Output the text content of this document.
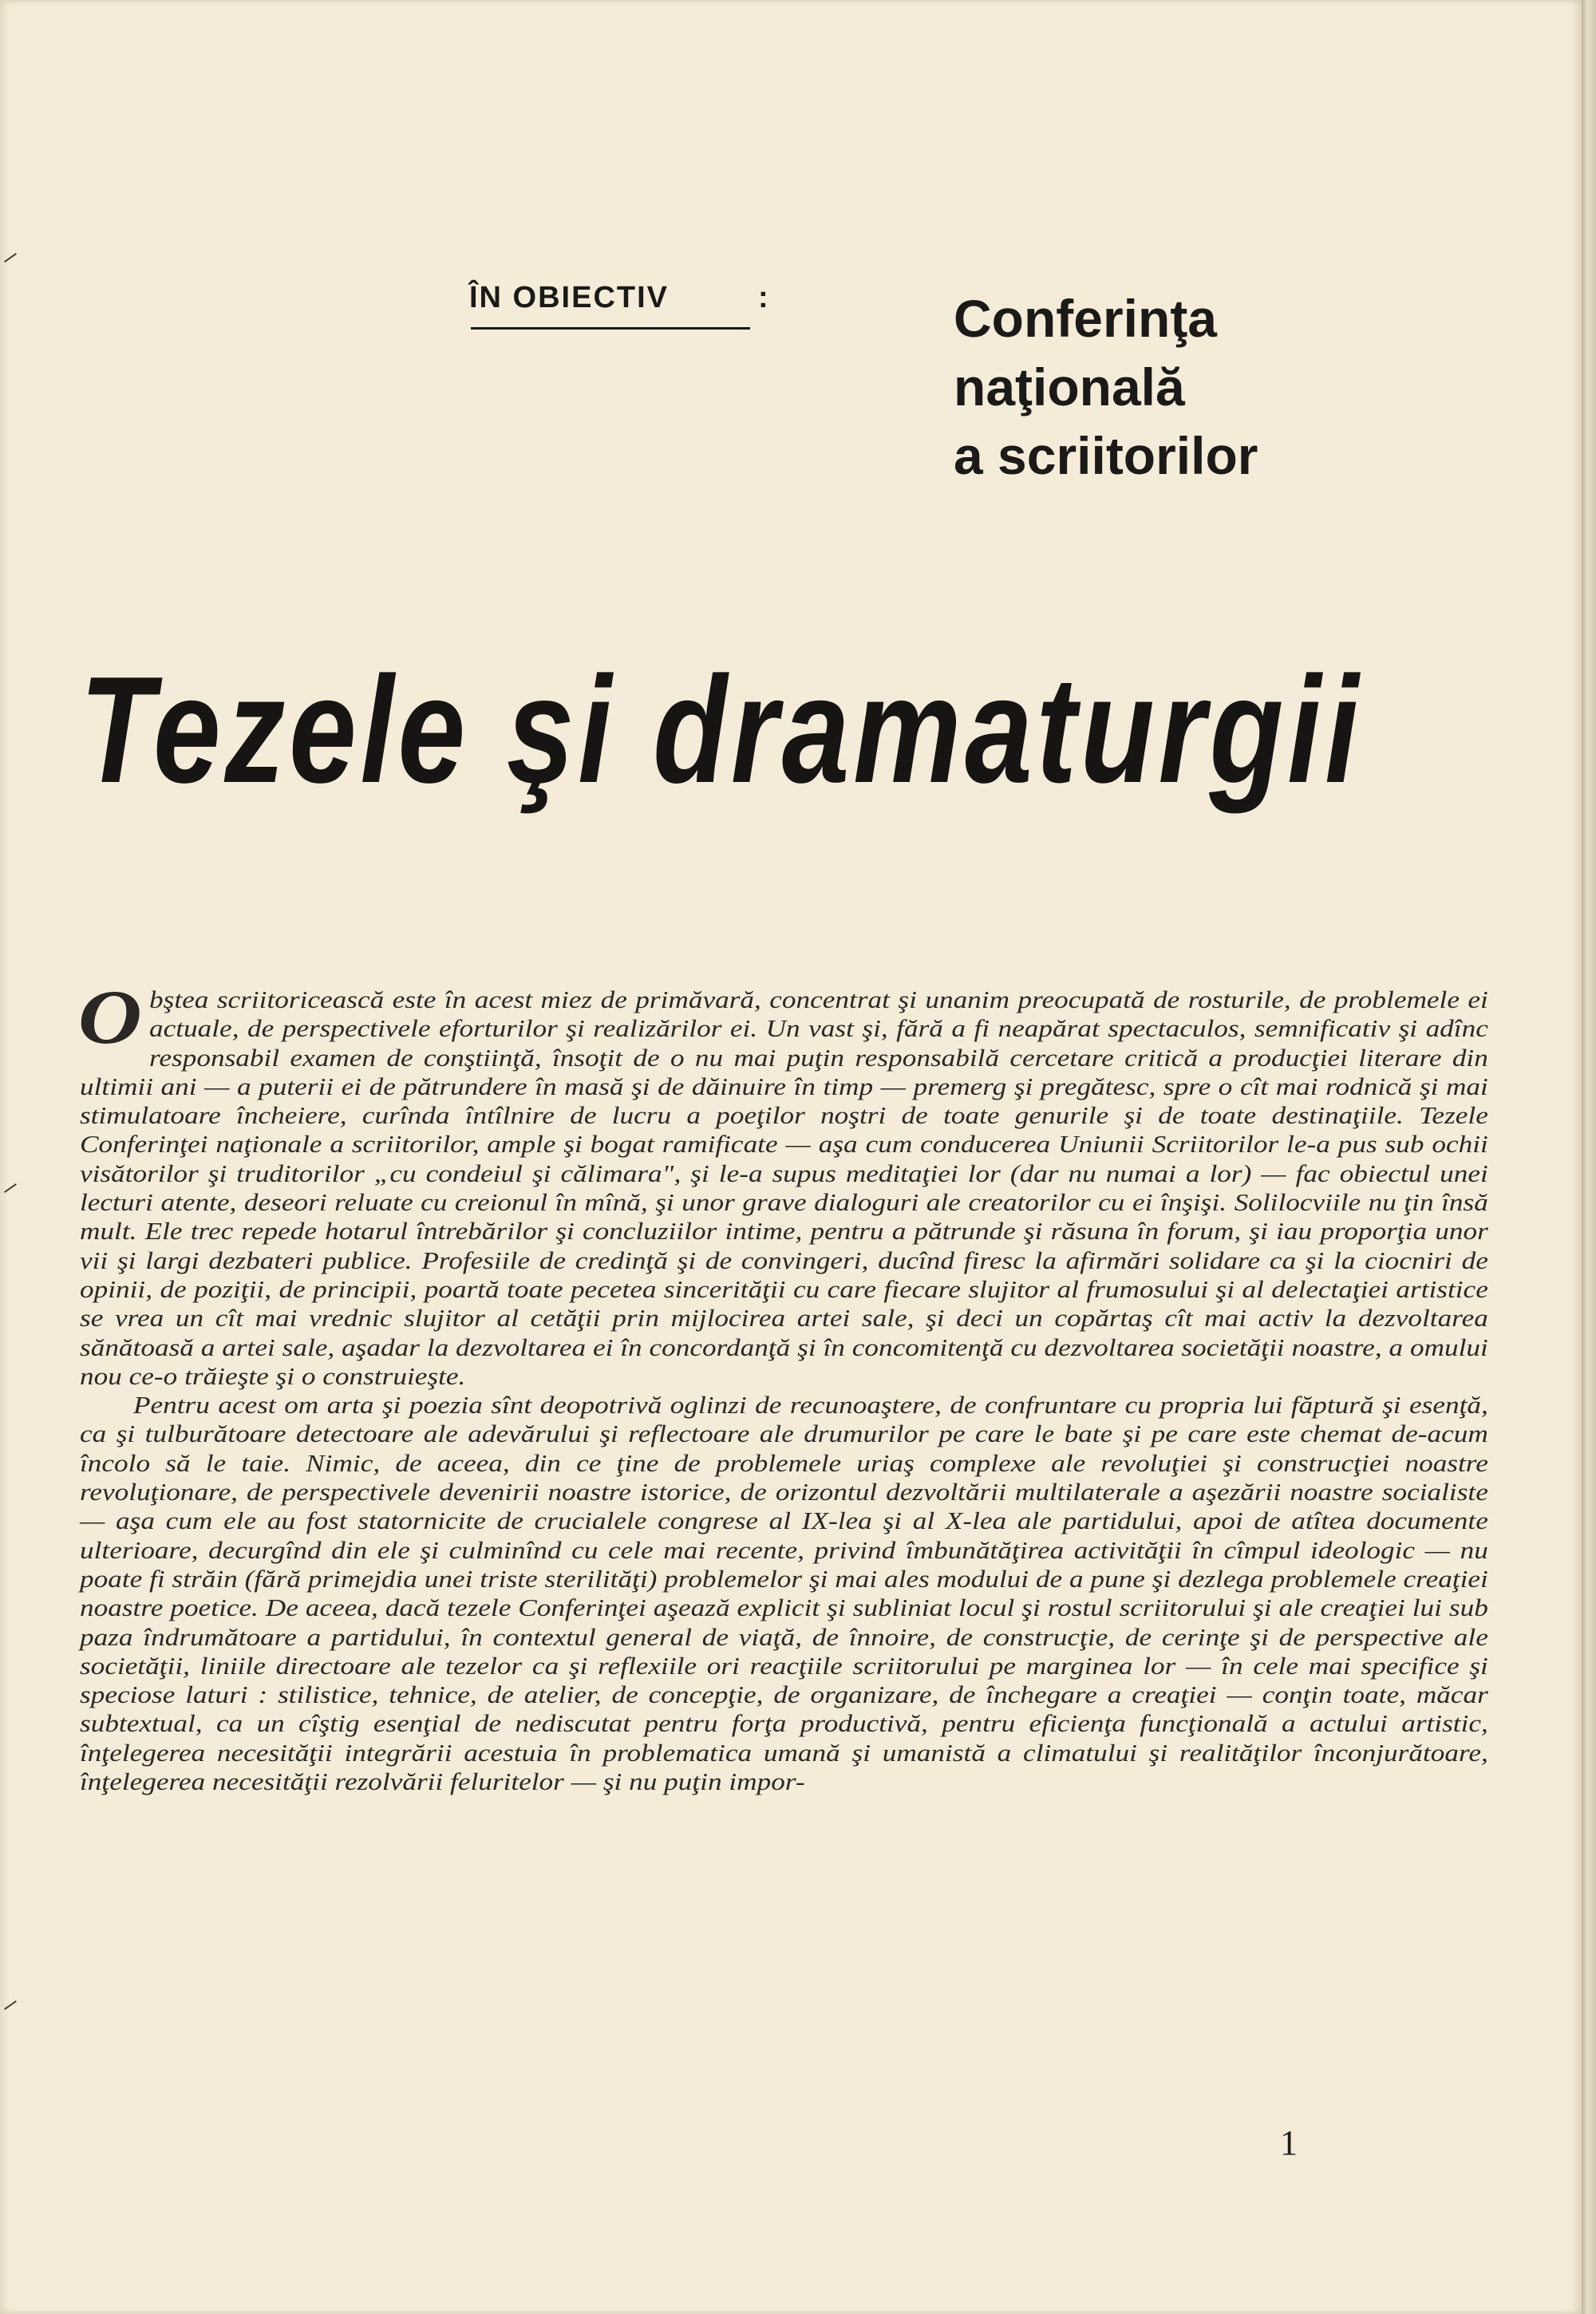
ÎN OBIECTIV	:	Conferinţa
naţională
a scriitorilor
Tezele şi dramaturgii

Obştea scriitoricească este în acest miez de primăvară, concentrat şi unanim preocupată de rosturile, de problemele ei actuale, de perspectivele eforturilor şi realizărilor ei. Un vast şi, fără a fi neapărat spectaculos, semnificativ şi adînc responsabil examen de conştiinţă, însoţit de o nu mai puţin responsabilă cercetare critică a producţiei literare din ultimii ani — a puterii ei de pătrundere în masă şi de dăinuire în timp — premerg şi pregătesc, spre o cît mai rodnică şi mai stimulatoare încheiere, curînda întîlnire de lucru a poeţilor noştri de toate genurile şi de toate destinaţiile. Tezele Conferinţei naţionale a scriitorilor, ample şi bogat ramificate — aşa cum conducerea Uniunii Scriitorilor le-a pus sub ochii visătorilor şi truditorilor „cu condeiul şi călimara", şi le-a supus meditaţiei lor (dar nu numai a lor) — fac obiectul unei lecturi atente, deseori reluate cu creionul în mînă, şi unor grave dialoguri ale creatorilor cu ei înşişi. Solilocviile nu ţin însă mult. Ele trec repede hotarul întrebărilor şi concluziilor intime, pentru a pătrunde şi răsuna în forum, şi iau proporţia unor vii şi largi dezbateri publice. Profesiile de credinţă şi de convingeri, ducînd firesc la afirmări solidare ca şi la ciocniri de opinii, de poziţii, de principii, poartă toate pecetea sincerităţii cu care fiecare slujitor al frumosului şi al delectaţiei artistice se vrea un cît mai vrednic slujitor al cetăţii prin mijlocirea artei sale, şi deci un copărtaş cît mai activ la dezvoltarea sănătoasă a artei sale, aşadar la dezvoltarea ei în concordanţă şi în concomitenţă cu dezvoltarea societăţii noastre, a omului nou ce-o trăieşte şi o construieşte.

Pentru acest om arta şi poezia sînt deopotrivă oglinzi de recunoaştere, de confruntare cu propria lui făptură şi esenţă, ca şi tulburătoare detectoare ale adevărului şi reflectoare ale drumurilor pe care le bate şi pe care este chemat de-acum încolo să le taie. Nimic, de aceea, din ce ţine de problemele uriaş complexe ale revoluţiei şi construcţiei noastre revoluţionare, de perspectivele devenirii noastre istorice, de orizontul dezvoltării multilaterale a aşezării noastre socialiste — aşa cum ele au fost statornicite de crucialele congrese al IX-lea şi al X-lea ale partidului, apoi de atîtea documente ulterioare, decurgînd din ele şi culminînd cu cele mai recente, privind îmbunătăţirea activităţii în cîmpul ideologic — nu poate fi străin (fără primejdia unei triste sterilităţi) problemelor şi mai ales modului de a pune şi dezlega problemele creaţiei noastre poetice. De aceea, dacă tezele Conferinţei aşează explicit şi subliniat locul şi rostul scriitorului şi ale creaţiei lui sub paza îndrumătoare a partidului, în contextul general de viaţă, de înnoire, de construcţie, de cerinţe şi de perspective ale societăţii, liniile directoare ale tezelor ca şi reflexiile ori reacţiile scriitorului pe marginea lor — în cele mai specifice şi speciose laturi : stilistice, tehnice, de atelier, de concepţie, de organizare, de închegare a creaţiei — conţin toate, măcar subtextual, ca un cîştig esenţial de nediscutat pentru forţa productivă, pentru eficienţa funcţională a actului artistic, înţelegerea necesităţii integrării acestuia în problematica umană şi umanistă a climatului şi realităţilor înconjurătoare, înţelegerea necesităţii rezolvării feluritelor — şi nu puţin impor-

1
